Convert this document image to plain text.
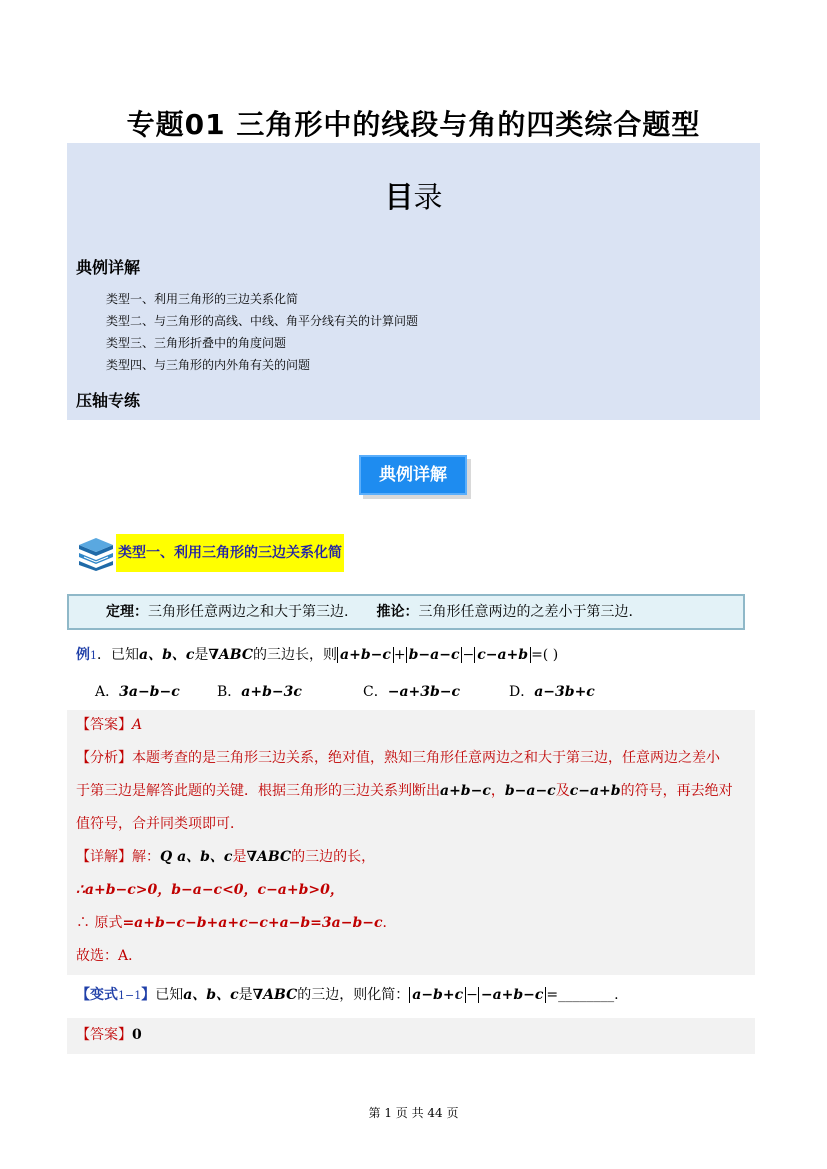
专题01 三角形中的线段与角的四类综合题型
目录
典例详解
类型一、利用三角形的三边关系化简
类型二、与三角形的高线、中线、角平分线有关的计算问题
类型三、三角形折叠中的角度问题
类型四、与三角形的内外角有关的问题
压轴专练
典例详解
类型一、利用三角形的三边关系化简
定理：三角形任意两边之和大于第三边. 推论：三角形任意两边的之差小于第三边.
例1．已知a、b、c是∇ABC的三边长，则 a+b−c + b−a−c − c−a+b =( )
A．3a−b−c	B．a+b−3c	C．−a+3b−c	D．a−3b+c
【答案】A
【分析】本题考查的是三角形三边关系，绝对值，熟知三角形任意两边之和大于第三边，任意两边之差小
于第三边是解答此题的关键．根据三角形的三边关系判断出a+b−c，b−a−c及c−a+b的符号，再去绝对
值符号，合并同类项即可．
【详解】解：Q a、b、c是∇ABC的三边的长，
∴a+b−c>0，b−a−c<0，c−a+b>0，
∴ 原式=a+b−c−b+a+c−c+a−b=3a−b−c．
故选：A．
【变式1−1】已知a、b、c是∇ABC的三边，则化简： a−b+c − −a+b−c =________.
【答案】0
第 1 页 共 44 页
